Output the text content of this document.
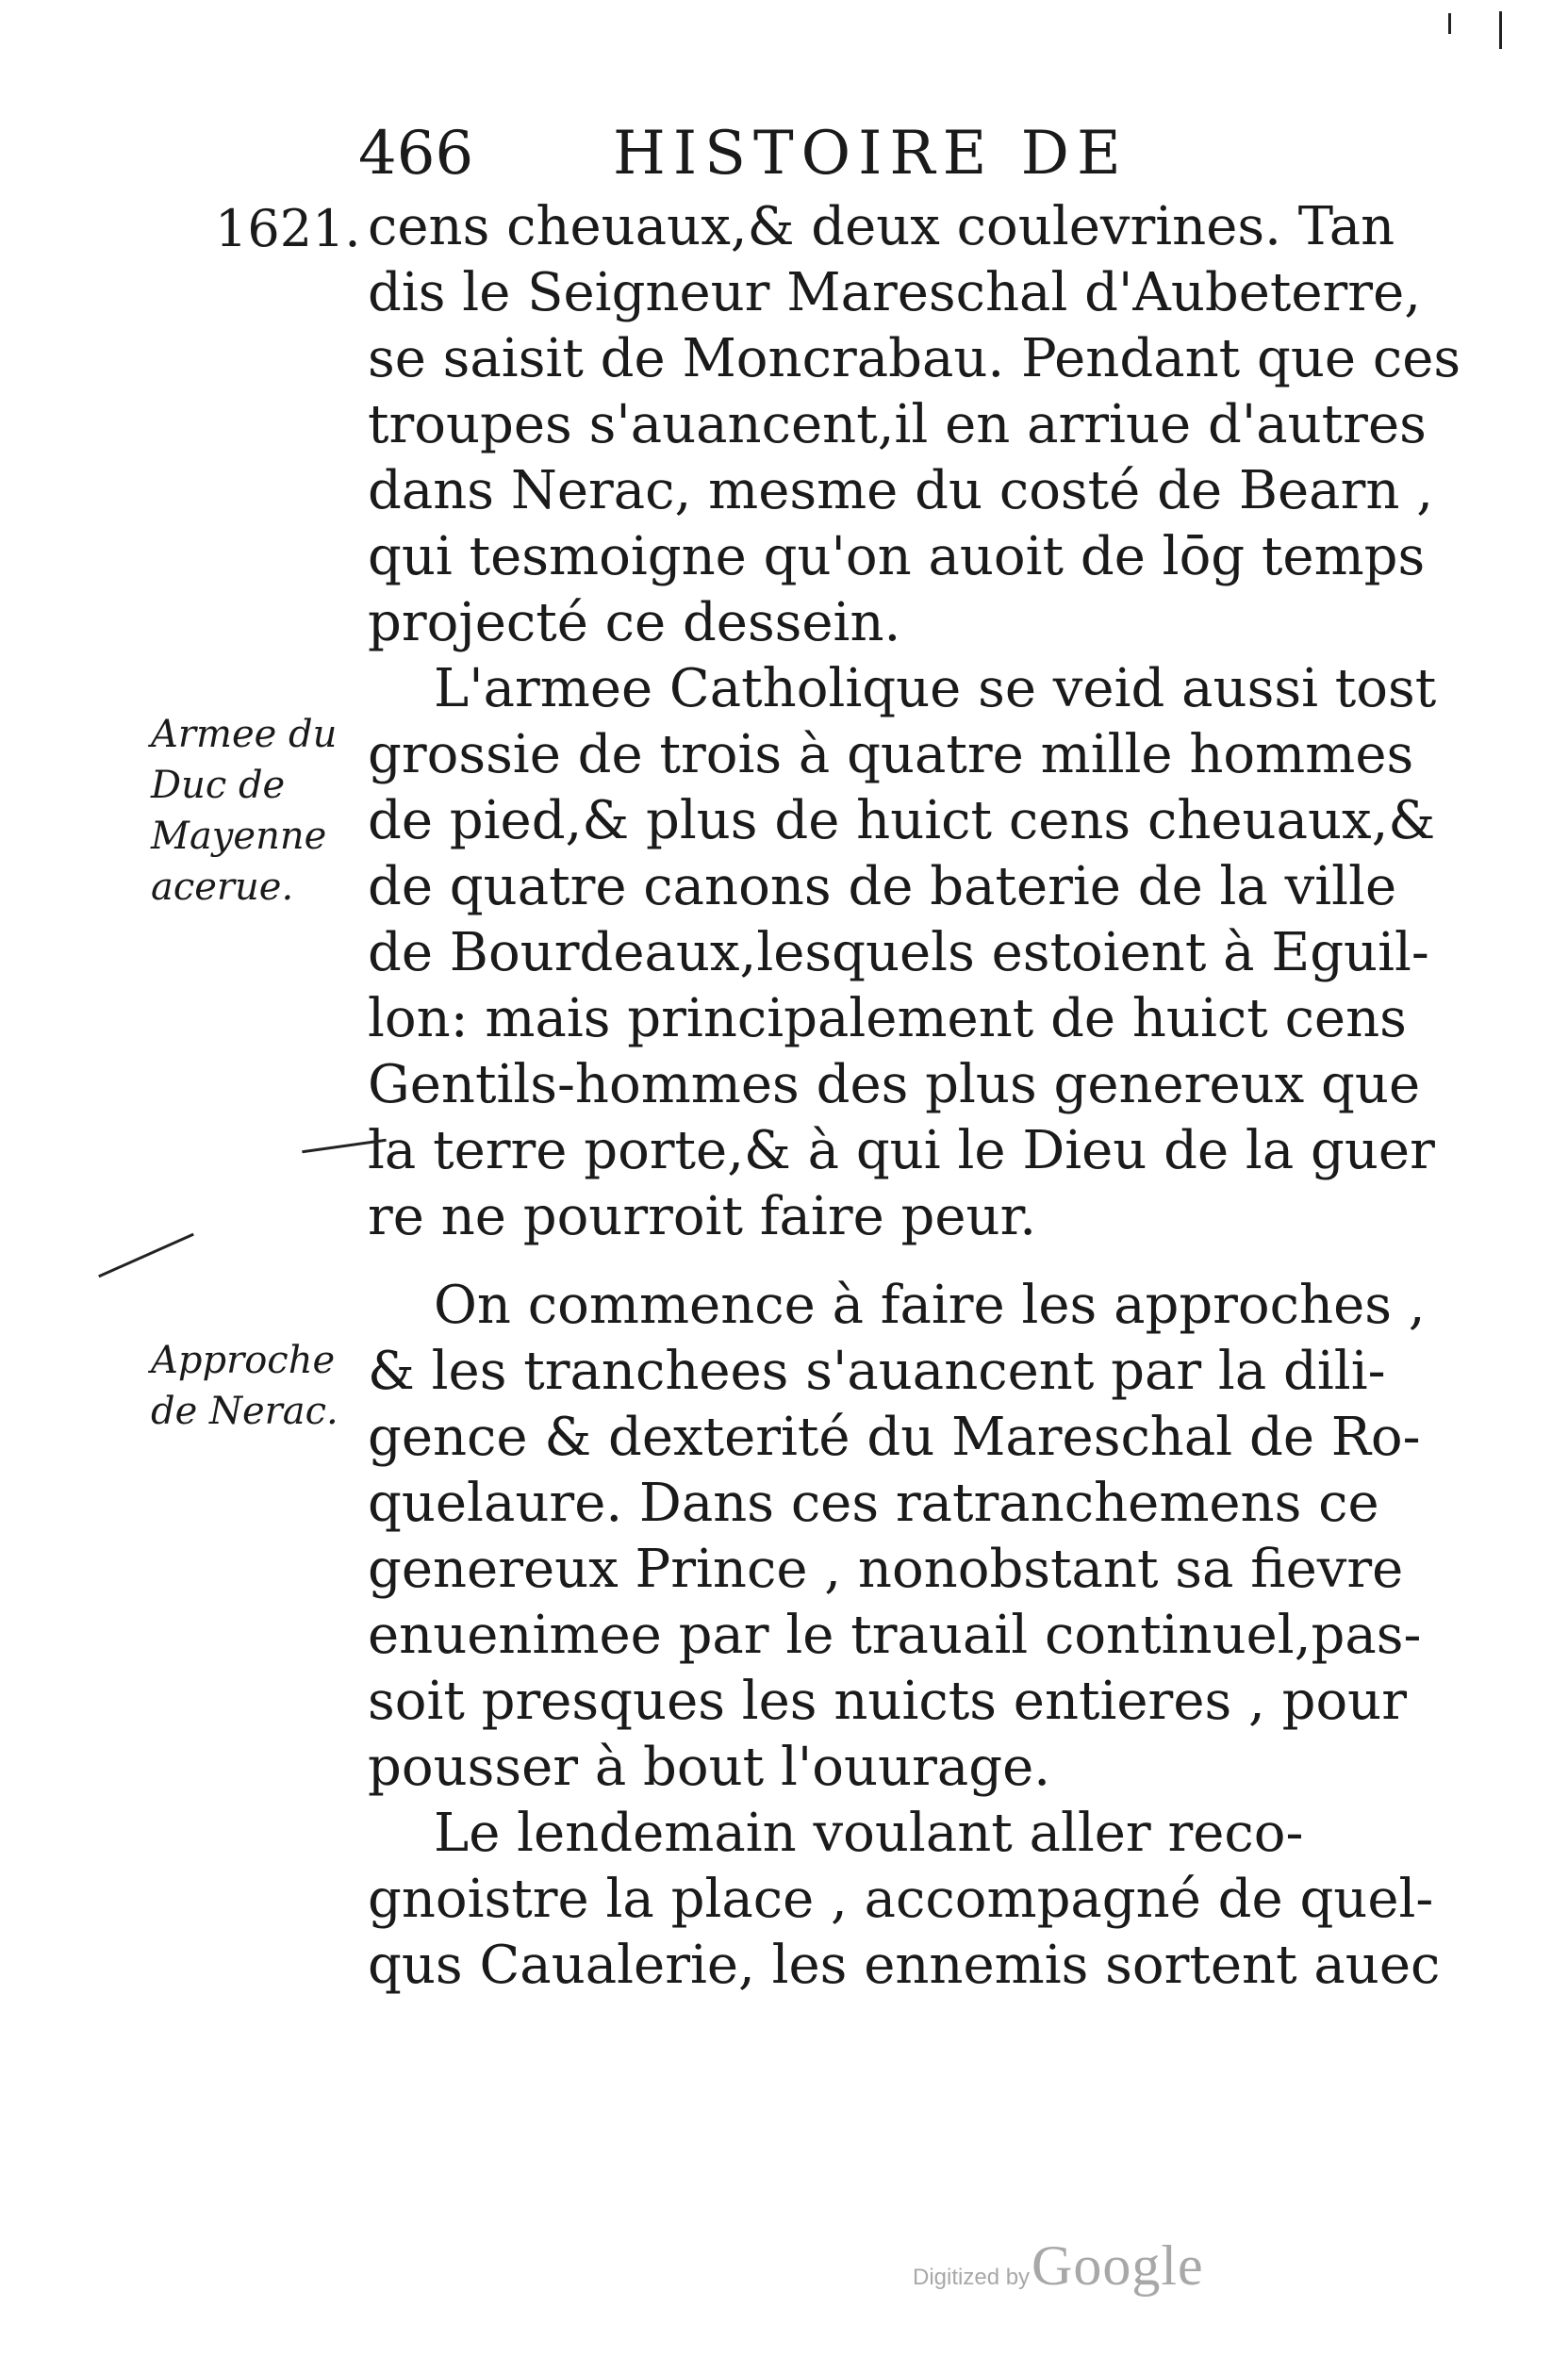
466 HISTOIRE DE
1621.
Armee du
Duc de
Mayenne
acerue.
Approche
de Nerac.
cens cheuaux,& deux coulevrines. Tan
dis le Seigneur Mareschal d'Aubeterre,
se saisit de Moncrabau. Pendant que ces
troupes s'auancent,il en arriue d'autres
dans Nerac, mesme du costé de Bearn ,
qui tesmoigne qu'on auoit de lōg temps
projecté ce dessein.
L'armee Catholique se veid aussi tost
grossie de trois à quatre mille hommes
de pied,& plus de huict cens cheuaux,&
de quatre canons de baterie de la ville
de Bourdeaux,lesquels estoient à Eguil-
lon: mais principalement de huict cens
Gentils-hommes des plus genereux que
la terre porte,& à qui le Dieu de la guer
re ne pourroit faire peur.
On commence à faire les approches ,
& les tranchees s'auancent par la dili-
gence & dexterité du Mareschal de Ro-
quelaure. Dans ces ratranchemens ce
genereux Prince , nonobstant sa fievre
enuenimee par le trauail continuel,pas-
soit presques les nuicts entieres , pour
pousser à bout l'ouurage.
Le lendemain voulant aller reco-
gnoistre la place , accompagné de quel-
qus Caualerie, les ennemis sortent auec
Digitized by Google
